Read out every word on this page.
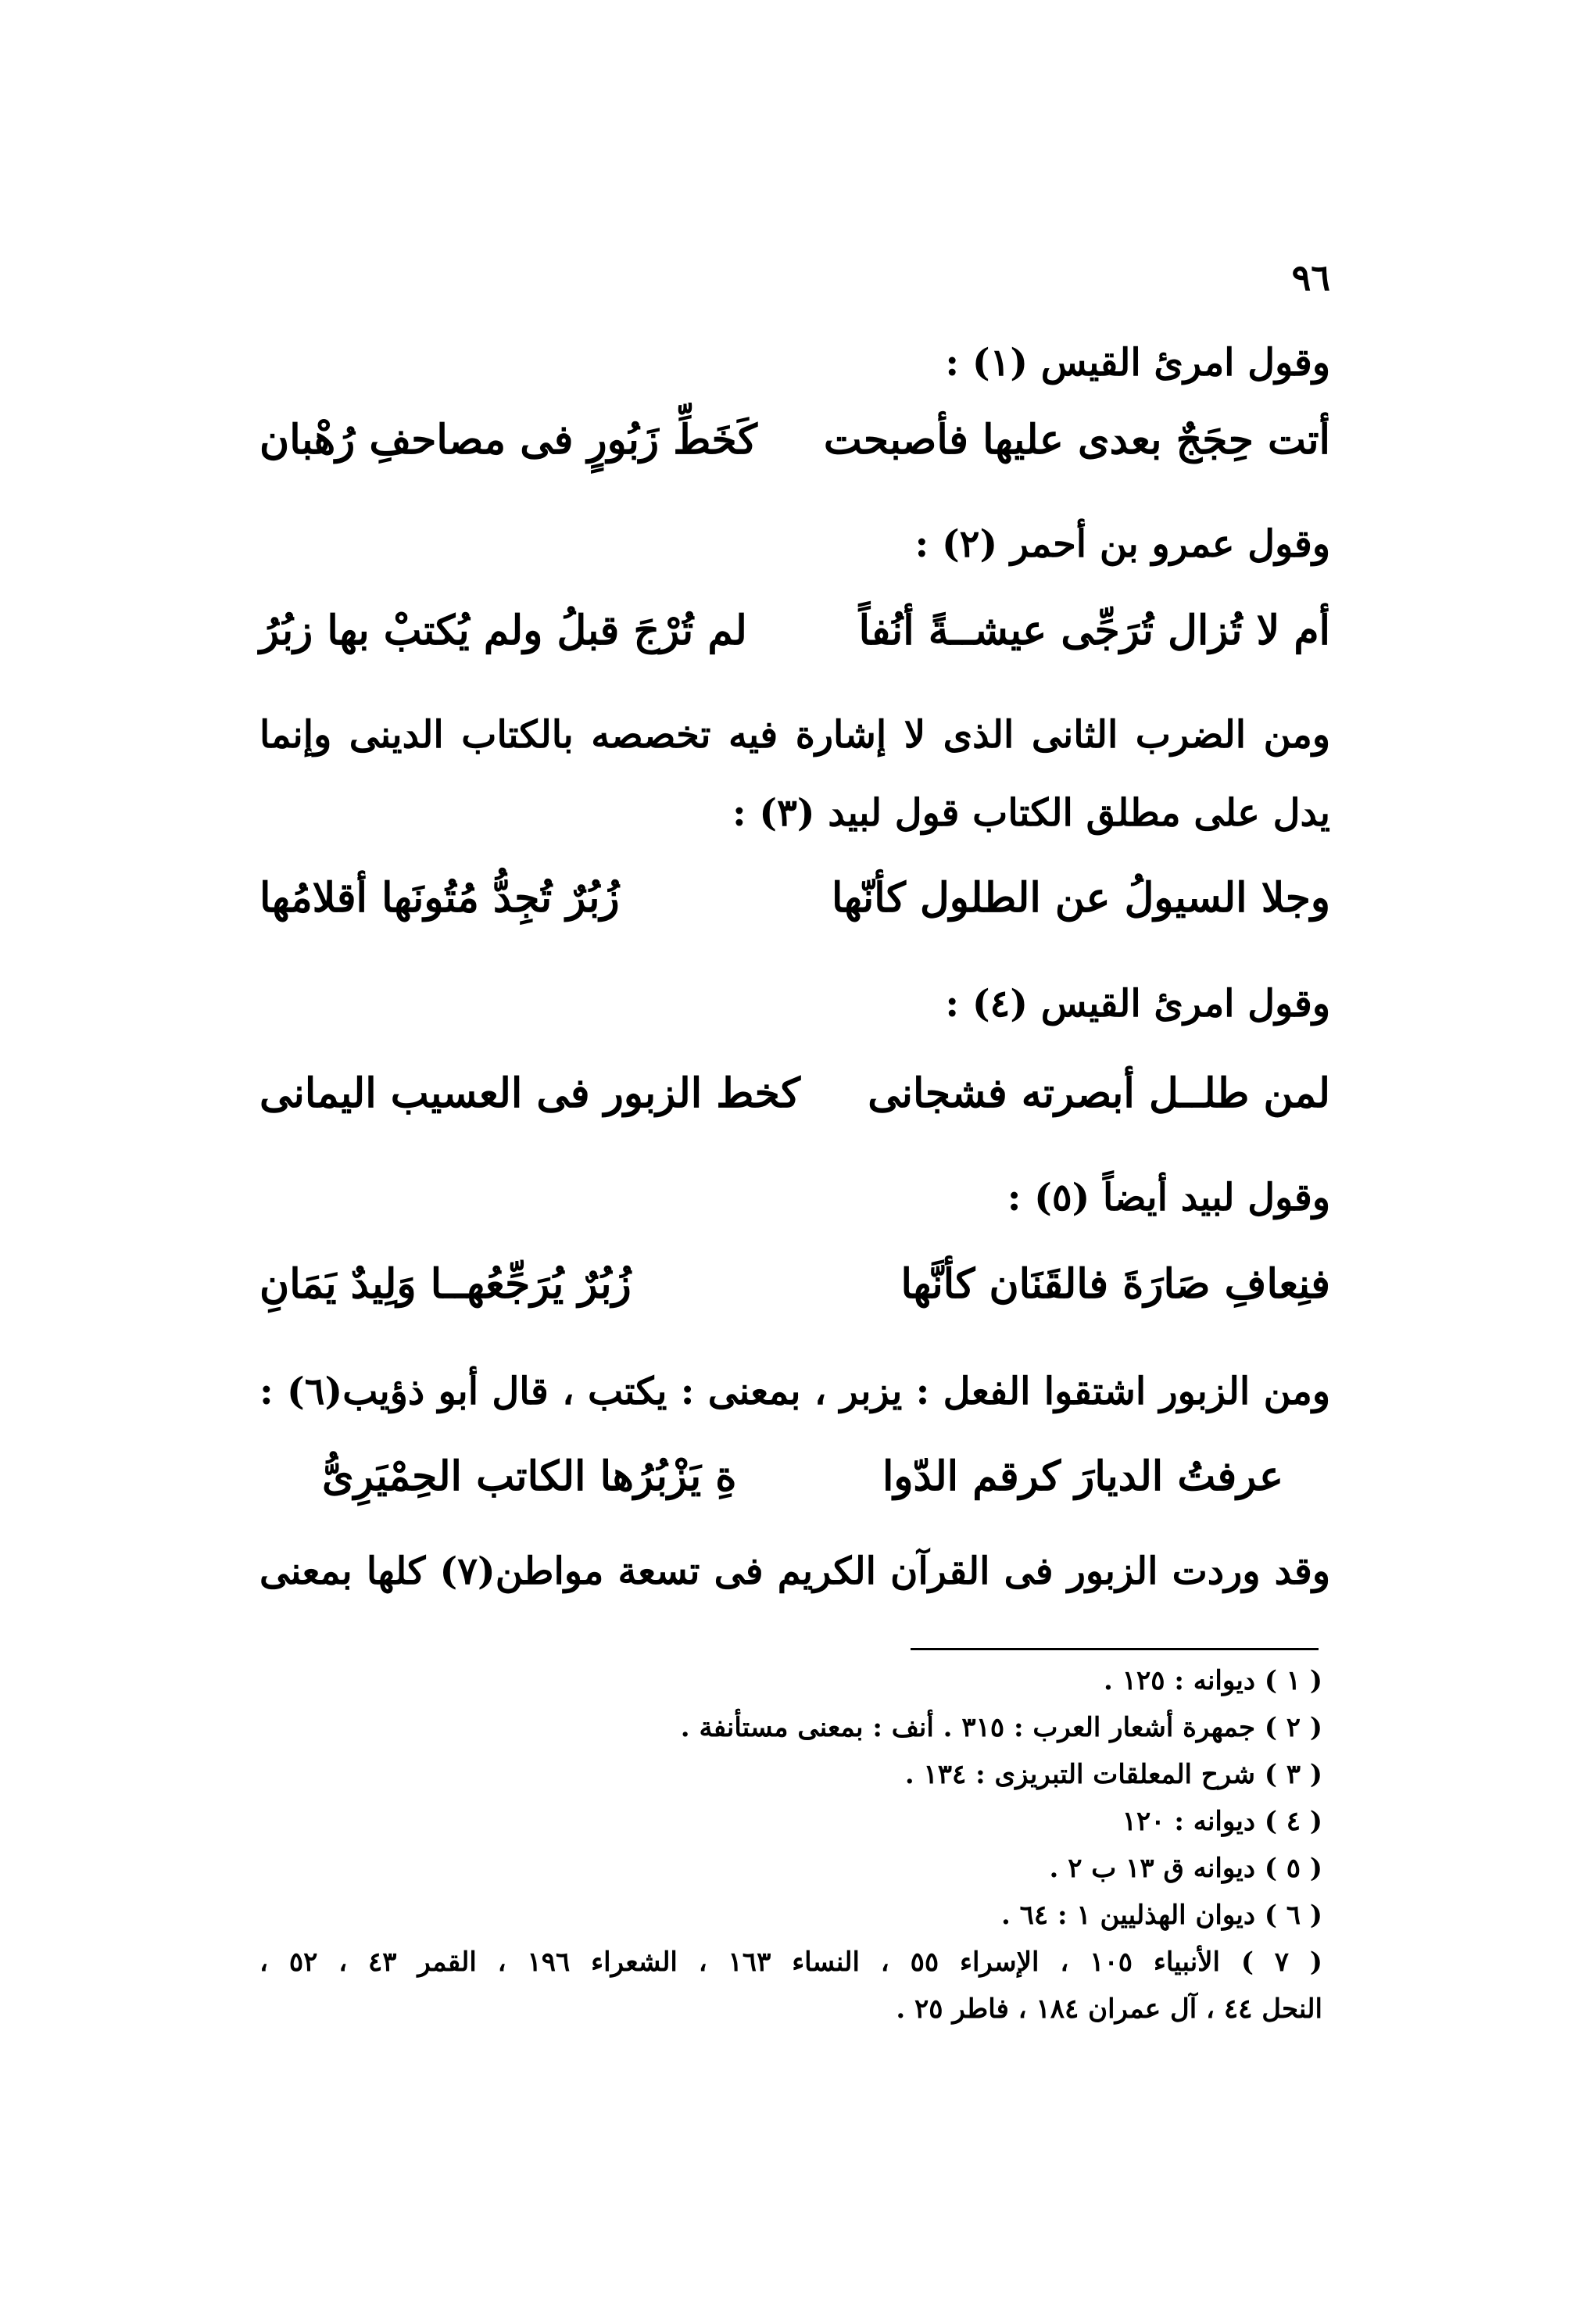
٩٦
وقول امرئ القيس (١) :
أتت حِجَجٌ بعدى عليها فأصبحت
كَخَطِّ زَبُورٍ فى مصاحفِ رُهْبان
وقول عمرو بن أحمر (٢) :
أم لا تُزال تُرَجِّى عيشــةً أنُفاً
لم تُرْجَ قبلُ ولم يُكتبْ بها زبُرُ
ومن الضرب الثانى الذى لا إشارة فيه تخصصه بالكتاب الدينى وإنما
يدل على مطلق الكتاب قول لبيد (٣) :
وجلا السيولُ عن الطلول كأنّها
زُبُرٌ تُجِدُّ مُتُونَها أقلامُها
وقول امرئ القيس (٤) :
لمن طلــل أبصرته فشجانى
كخط الزبور فى العسيب اليمانى
وقول لبيد أيضاً (٥) :
فنِعافِ صَارَةَ فالقَنَان كأنَّها
زُبُرٌ يُرَجِّعُهــا وَلِيدٌ يَمَانِ
ومن الزبور اشتقوا الفعل : يزبر ، بمعنى : يكتب ، قال أبو ذؤيب(٦) :
عرفتُ الديارَ كرقم الدّوا
ةِ يَزْبُرُها الكاتب الحِمْيَرِىُّ
وقد وردت الزبور فى القرآن الكريم فى تسعة مواطن(٧) كلها بمعنى
( ١ ) ديوانه : ١٢٥ .
( ٢ ) جمهرة أشعار العرب : ٣١٥ . أنف : بمعنى مستأنفة .
( ٣ ) شرح المعلقات التبريزى : ١٣٤ .
( ٤ ) ديوانه : ١٢٠
( ٥ ) ديوانه ق ١٣ ب ٢ .
( ٦ ) ديوان الهذليين ١ : ٦٤ .
( ٧ ) الأنبياء ١٠٥ ، الإسراء ٥٥ ، النساء ١٦٣ ، الشعراء ١٩٦ ، القمر ٤٣ ، ٥٢ ،
النحل ٤٤ ، آل عمران ١٨٤ ، فاطر ٢٥ .
